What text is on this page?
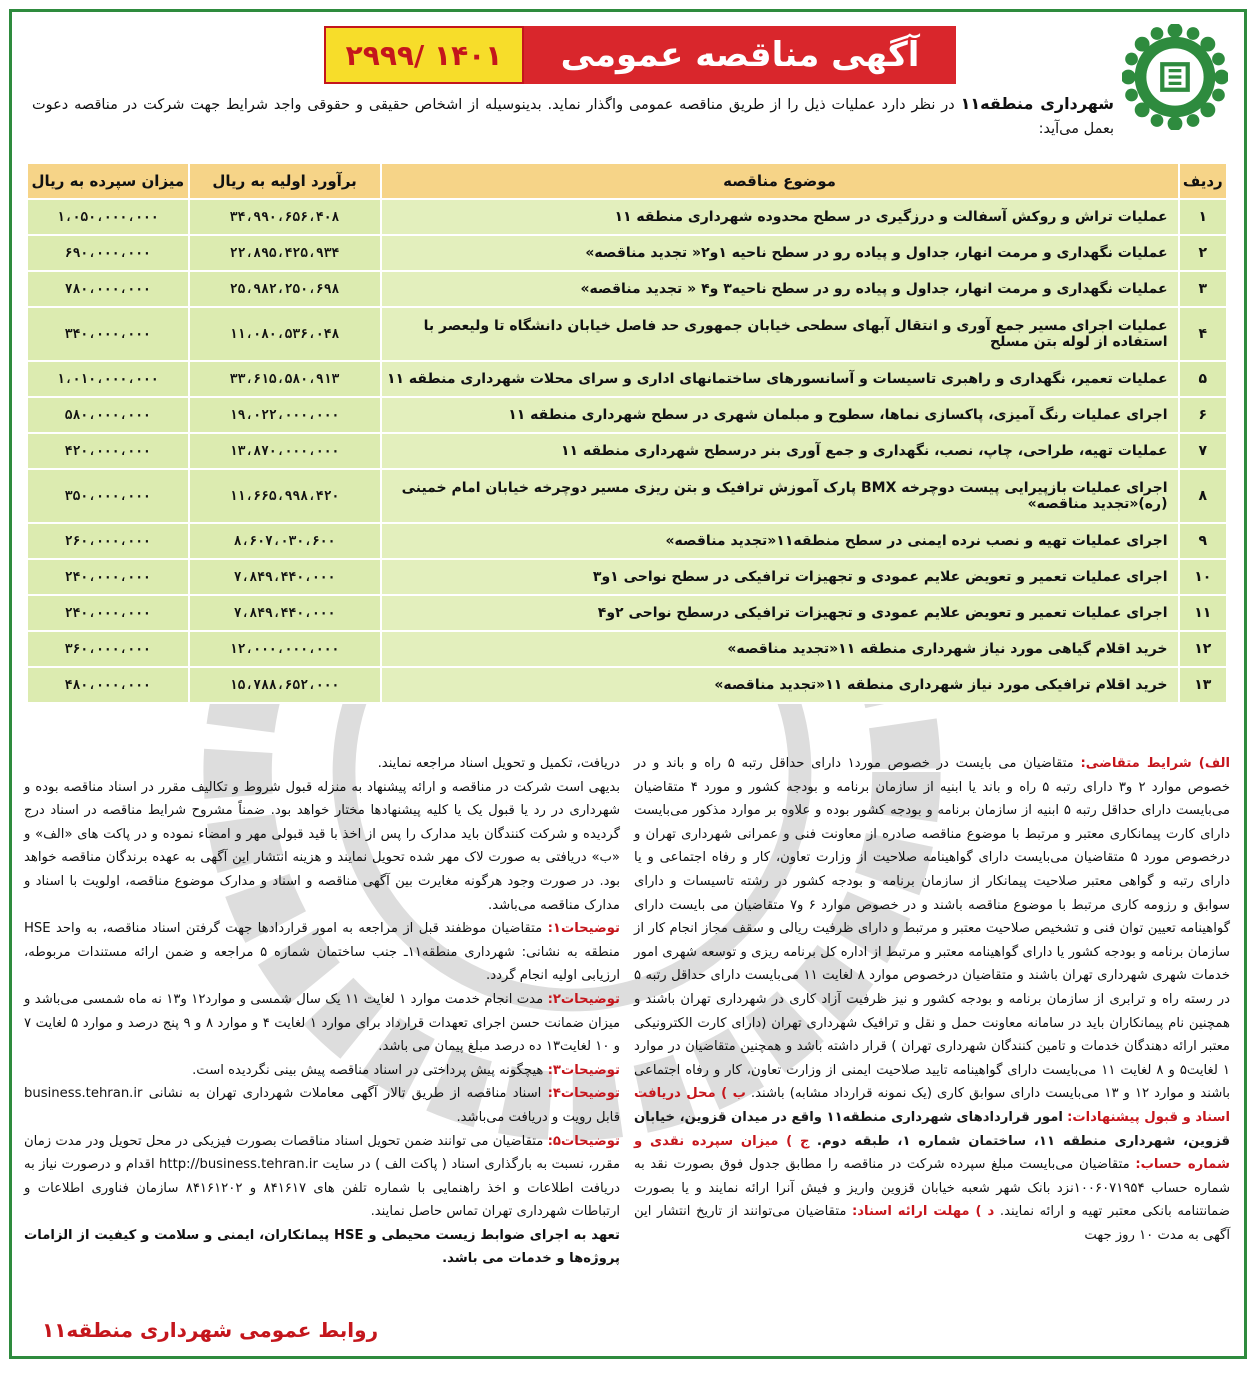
۲۹۹۹/ ۱۴۰۱	آگهی مناقصه عمومی
شهرداری منطقه۱۱ در نظر دارد عملیات ذیل را از طریق مناقصه عمومی واگذار نماید. بدینوسیله از اشخاص حقیقی و حقوقی واجد شرایط جهت شرکت در مناقصه دعوت بعمل می‌آید:
ردیف	موضوع مناقصه	برآورد اولیه به ریال	میزان سپرده به ریال
۱	عملیات تراش و روکش آسفالت و درزگیری در سطح محدوده شهرداری منطقه ۱۱	۳۴،۹۹۰،۶۵۶،۴۰۸	۱،۰۵۰،۰۰۰،۰۰۰
۲	عملیات نگهداری و مرمت انهار، جداول و پیاده رو در سطح ناحیه ۱و۲« تجدید مناقصه»	۲۲،۸۹۵،۴۲۵،۹۳۴	۶۹۰،۰۰۰،۰۰۰
۳	عملیات نگهداری و مرمت انهار، جداول و پیاده رو در سطح ناحیه۳ و۴ « تجدید مناقصه»	۲۵،۹۸۲،۲۵۰،۶۹۸	۷۸۰،۰۰۰،۰۰۰
۴	عملیات اجرای مسیر جمع آوری و انتقال آبهای سطحی خیابان جمهوری حد فاصل خیابان دانشگاه تا ولیعصر با استفاده از لوله بتن مسلح	۱۱،۰۸۰،۵۳۶،۰۴۸	۳۴۰،۰۰۰،۰۰۰
۵	عملیات تعمیر، نگهداری و راهبری تاسیسات و آسانسورهای ساختمانهای اداری و سرای محلات شهرداری منطقه ۱۱	۳۳،۶۱۵،۵۸۰،۹۱۳	۱،۰۱۰،۰۰۰،۰۰۰
۶	اجرای عملیات رنگ آمیزی، پاکسازی نماها، سطوح و مبلمان شهری در سطح شهرداری منطقه ۱۱	۱۹،۰۲۲،۰۰۰،۰۰۰	۵۸۰،۰۰۰،۰۰۰
۷	عملیات تهیه، طراحی، چاپ، نصب، نگهداری و جمع آوری بنر درسطح شهرداری منطقه ۱۱	۱۳،۸۷۰،۰۰۰،۰۰۰	۴۲۰،۰۰۰،۰۰۰
۸	اجرای عملیات بازپیرایی پیست دوچرخه BMX پارک آموزش ترافیک و بتن ریزی مسیر دوچرخه خیابان امام خمینی (ره)«تجدید مناقصه»	۱۱،۶۶۵،۹۹۸،۴۲۰	۳۵۰،۰۰۰،۰۰۰
۹	اجرای عملیات تهیه و نصب نرده ایمنی در سطح منطقه۱۱«تجدید مناقصه»	۸،۶۰۷،۰۳۰،۶۰۰	۲۶۰،۰۰۰،۰۰۰
۱۰	اجرای عملیات تعمیر و تعویض علایم عمودی و تجهیزات ترافیکی در سطح نواحی ۱و۳	۷،۸۴۹،۴۴۰،۰۰۰	۲۴۰،۰۰۰،۰۰۰
۱۱	اجرای عملیات تعمیر و تعویض علایم عمودی و تجهیزات ترافیکی درسطح نواحی ۲و۴	۷،۸۴۹،۴۴۰،۰۰۰	۲۴۰،۰۰۰،۰۰۰
۱۲	خرید اقلام گیاهی مورد نیاز شهرداری منطقه ۱۱«تجدید مناقصه»	۱۲،۰۰۰،۰۰۰،۰۰۰	۳۶۰،۰۰۰،۰۰۰
۱۳	خرید اقلام ترافیکی مورد نیاز شهرداری منطقه ۱۱«تجدید مناقصه»	۱۵،۷۸۸،۶۵۲،۰۰۰	۴۸۰،۰۰۰،۰۰۰
الف) شرایط متقاضی: متقاضیان می بایست در خصوص مورد۱ دارای حداقل رتبه ۵ راه و باند و در خصوص موارد ۲ و۳ دارای رتبه ۵ راه و باند یا ابنیه از سازمان برنامه و بودجه کشور و مورد ۴ متقاضیان می‌بایست دارای حداقل رتبه ۵ ابنیه از سازمان برنامه و بودجه کشور بوده و علاوه بر موارد مذکور می‌بایست دارای کارت پیمانکاری معتبر و مرتبط با موضوع مناقصه صادره از معاونت فنی و عمرانی شهرداری تهران و درخصوص مورد ۵ متقاضیان می‌بایست دارای گواهینامه صلاحیت از وزارت تعاون، کار و رفاه اجتماعی و یا دارای رتبه و گواهی معتبر صلاحیت پیمانکار از سازمان برنامه و بودجه کشور در رشته تاسیسات و دارای سوابق و رزومه کاری مرتبط با موضوع مناقصه باشند و در خصوص موارد ۶ و۷ متقاضیان می بایست دارای گواهینامه تعیین توان فنی و تشخیص صلاحیت معتبر و مرتبط و دارای ظرفیت ریالی و سقف مجاز انجام کار از سازمان برنامه و بودجه کشور یا دارای گواهینامه معتبر و مرتبط از اداره کل برنامه ریزی و توسعه شهری امور خدمات شهری شهرداری تهران باشند و متقاضیان درخصوص موارد ۸ لغایت ۱۱ می‌بایست دارای حداقل رتبه ۵ در رسته راه و ترابری از سازمان برنامه و بودجه کشور و نیز ظرفیت آزاد کاری در شهرداری تهران باشند و همچنین نام پیمانکاران باید در سامانه معاونت حمل و نقل و ترافیک شهرداری تهران (دارای کارت الکترونیکی معتبر ارائه دهندگان خدمات و تامین کنندگان شهرداری تهران ) قرار داشته باشد و همچنین متقاضیان در موارد ۱ لغایت۵ و ۸ لغایت ۱۱ می‌بایست دارای گواهینامه تایید صلاحیت ایمنی از وزارت تعاون، کار و رفاه اجتماعی باشند و موارد ۱۲ و ۱۳ می‌بایست دارای سوابق کاری (یک نمونه قرارداد مشابه) باشند. ب ) محل دریافت اسناد و قبول پیشنهادات: امور قراردادهای شهرداری منطقه۱۱ واقع در میدان قزوین، خیابان قزوین، شهرداری منطقه ۱۱، ساختمان شماره ۱، طبقه دوم. ج ) میزان سپرده نقدی و شماره حساب: متقاضیان می‌بایست مبلغ سپرده شرکت در مناقصه را مطابق جدول فوق بصورت نقد به شماره حساب ۱۰۰۶۰۷۱۹۵۴نزد بانک شهر شعبه خیابان قزوین واریز و فیش آنرا ارائه نمایند و یا بصورت ضمانتنامه بانکی معتبر تهیه و ارائه نمایند. د ) مهلت ارائه اسناد: متقاضیان می‌توانند از تاریخ انتشار این آگهی به مدت ۱۰ روز جهت
دریافت، تکمیل و تحویل اسناد مراجعه نمایند.
بدیهی است شرکت در مناقصه و ارائه پیشنهاد به منزله قبول شروط و تکالیف مقرر در اسناد مناقصه بوده و شهرداری در رد یا قبول یک یا کلیه پیشنهادها مختار خواهد بود. ضمناً مشروح شرایط مناقصه در اسناد درج گردیده و شرکت کنندگان باید مدارک را پس از اخذ با قید قبولی مهر و امضاء نموده و در پاکت های «الف» و «ب» دریافتی به صورت لاک مهر شده تحویل نمایند و هزینه انتشار این آگهی به عهده برندگان مناقصه خواهد بود. در صورت وجود هرگونه مغایرت بین آگهی مناقصه و اسناد و مدارک موضوع مناقصه، اولویت با اسناد و مدارک مناقصه می‌باشد.
توضیحات۱: متقاضیان موظفند قبل از مراجعه به امور قراردادها جهت گرفتن اسناد مناقصه، به واحد HSE منطقه به نشانی: شهرداری منطقه۱۱ـ جنب ساختمان شماره ۵ مراجعه و ضمن ارائه مستندات مربوطه، ارزیابی اولیه انجام گردد.
توضیحات۲: مدت انجام خدمت موارد ۱ لغایت ۱۱ یک سال شمسی و موارد۱۲ و۱۳ نه ماه شمسی می‌باشد و میزان ضمانت حسن اجرای تعهدات قرارداد برای موارد ۱ لغایت ۴ و موارد ۸ و ۹ پنج درصد و موارد ۵ لغایت ۷ و ۱۰ لغایت۱۳ ده درصد مبلغ پیمان می باشد.
توضیحات۳: هیچگونه پیش پرداختی در اسناد مناقصه پیش بینی نگردیده است.
توضیحات۴: اسناد مناقصه از طریق تالار آگهی معاملات شهرداری تهران به نشانی business.tehran.ir قابل رویت و دریافت می‌باشد.
توضیحات۵: متقاضیان می توانند ضمن تحویل اسناد مناقصات بصورت فیزیکی در محل تحویل ودر مدت زمان مقرر، نسبت به بارگذاری اسناد ( پاکت الف ) در سایت http://business.tehran.ir اقدام و درصورت نیاز به دریافت اطلاعات و اخذ راهنمایی با شماره تلفن های ۸۴۱۶۱۷ و ۸۴۱۶۱۲۰۲ سازمان فناوری اطلاعات و ارتباطات شهرداری تهران تماس حاصل نمایند.
تعهد به اجرای ضوابط زیست محیطی و HSE پیمانکاران، ایمنی و سلامت و کیفیت از الزامات پروژه‌ها و خدمات می باشد.
روابط عمومی شهرداری منطقه۱۱
